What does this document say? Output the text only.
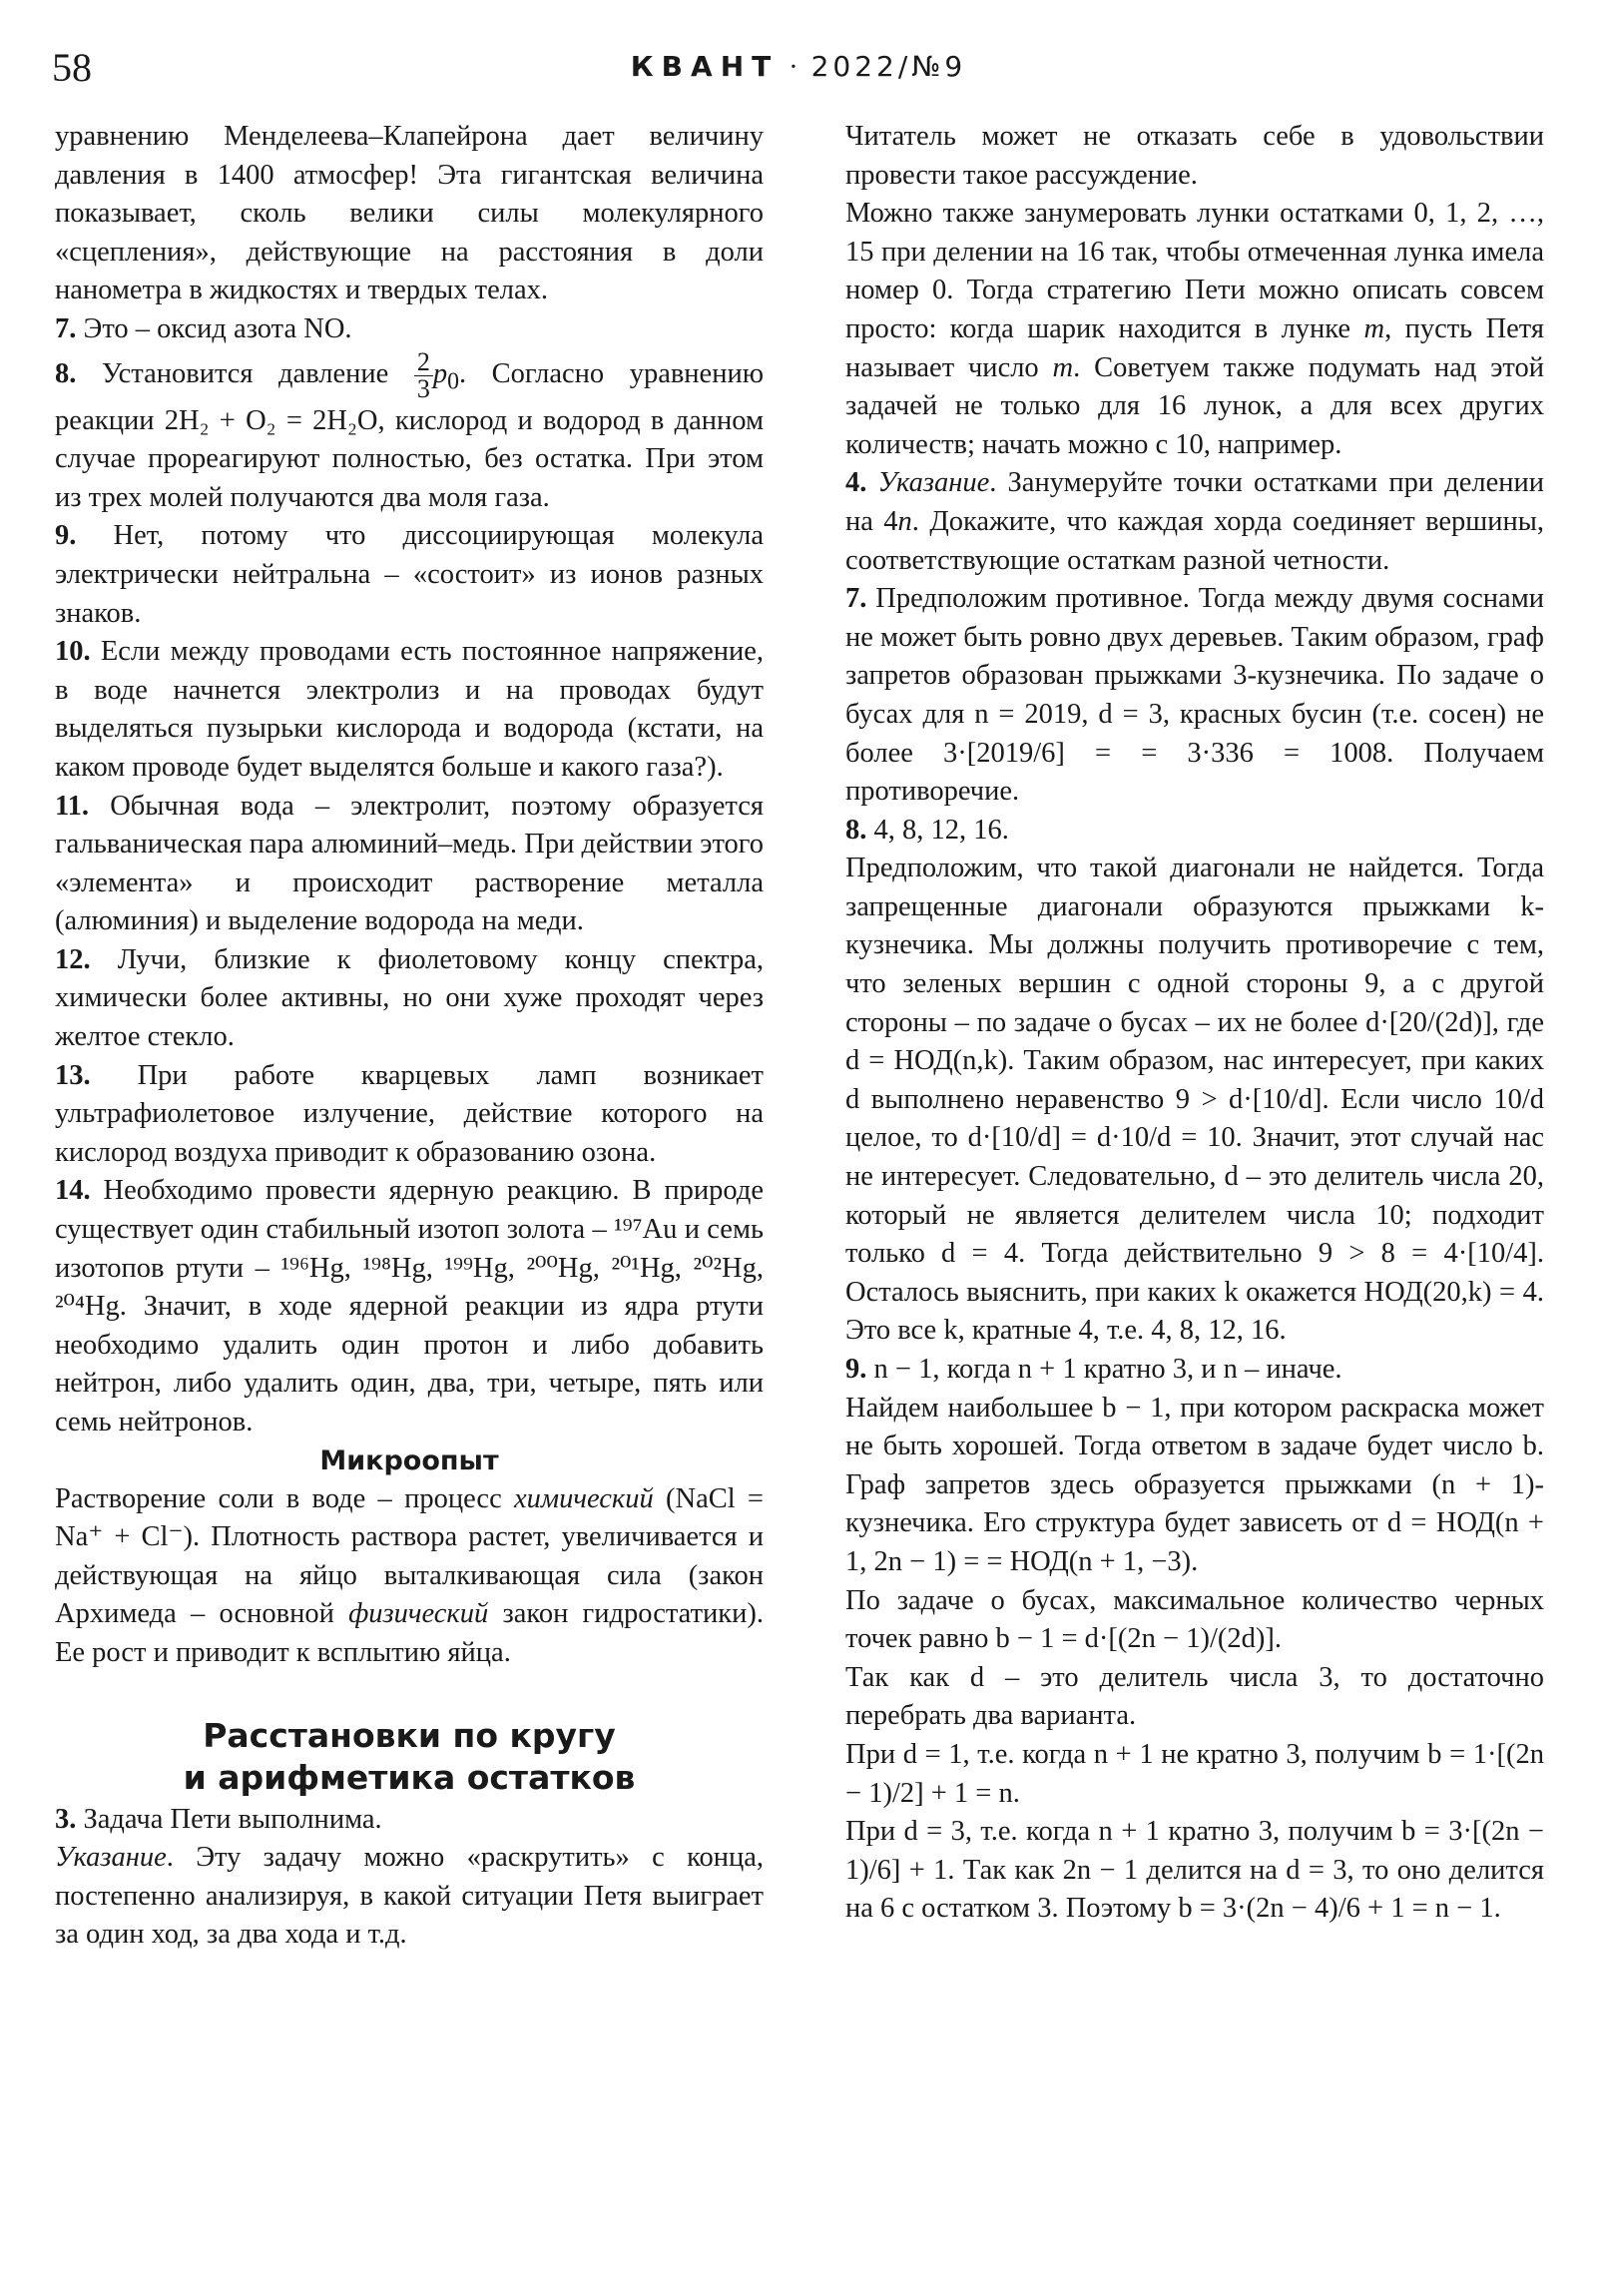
58	КВАНТ · 2022/№9

уравнению Менделеева–Клапейрона дает величину давления в 1400 атмосфер! Эта гигантская величина показывает, сколь велики силы молекулярного «сцепления», действующие на расстояния в доли нанометра в жидкостях и твердых телах.

7. Это – оксид азота NO.

8. Установится давление $\frac{2}{3} p_0$. Согласно уравнению реакции 2H₂ + O₂ = 2H₂O, кислород и водород в данном случае прореагируют полностью, без остатка. При этом из трех молей получаются два моля газа.

9. Нет, потому что диссоциирующая молекула электрически нейтральна – «состоит» из ионов разных знаков.

10. Если между проводами есть постоянное напряжение, в воде начнется электролиз и на проводах будут выделяться пузырьки кислорода и водорода (кстати, на каком проводе будет выделятся больше и какого газа?).

11. Обычная вода – электролит, поэтому образуется гальваническая пара алюминий–медь. При действии этого «элемента» и происходит растворение металла (алюминия) и выделение водорода на меди.

12. Лучи, близкие к фиолетовому концу спектра, химически более активны, но они хуже проходят через желтое стекло.

13. При работе кварцевых ламп возникает ультрафиолетовое излучение, действие которого на кислород воздуха приводит к образованию озона.

14. Необходимо провести ядерную реакцию. В природе существует один стабильный изотоп золота – ¹⁹⁷Au и семь изотопов ртути – ¹⁹⁶Hg, ¹⁹⁸Hg, ¹⁹⁹Hg, ²⁰⁰Hg, ²⁰¹Hg, ²⁰²Hg, ²⁰⁴Hg. Значит, в ходе ядерной реакции из ядра ртути необходимо удалить один протон и либо добавить нейтрон, либо удалить один, два, три, четыре, пять или семь нейтронов.

Микроопыт

Растворение соли в воде – процесс химический (NaCl = Na⁺ + Cl⁻). Плотность раствора растет, увеличивается и действующая на яйцо выталкивающая сила (закон Архимеда – основной физический закон гидростатики). Ее рост и приводит к всплытию яйца.

Расстановки по кругу
и арифметика остатков

3. Задача Пети выполнима.

Указание. Эту задачу можно «раскрутить» с конца, постепенно анализируя, в какой ситуации Петя выиграет за один ход, за два хода и т.д.

Читатель может не отказать себе в удовольствии провести такое рассуждение.

Можно также занумеровать лунки остатками 0, 1, 2, …, 15 при делении на 16 так, чтобы отмеченная лунка имела номер 0. Тогда стратегию Пети можно описать совсем просто: когда шарик находится в лунке m, пусть Петя называет число m. Советуем также подумать над этой задачей не только для 16 лунок, а для всех других количеств; начать можно с 10, например.

4. Указание. Занумеруйте точки остатками при делении на 4n. Докажите, что каждая хорда соединяет вершины, соответствующие остаткам разной четности.

7. Предположим противное. Тогда между двумя соснами не может быть ровно двух деревьев. Таким образом, граф запретов образован прыжками 3-кузнечика. По задаче о бусах для n = 2019, d = 3, красных бусин (т.е. сосен) не более 3·[2019/6] = = 3·336 = 1008. Получаем противоречие.

8. 4, 8, 12, 16.

Предположим, что такой диагонали не найдется. Тогда запрещенные диагонали образуются прыжками k-кузнечика. Мы должны получить противоречие с тем, что зеленых вершин с одной стороны 9, а с другой стороны – по задаче о бусах – их не более d·[20/(2d)], где d = НОД(n,k). Таким образом, нас интересует, при каких d выполнено неравенство 9 > d·[10/d]. Если число 10/d целое, то d·[10/d] = d·10/d = 10. Значит, этот случай нас не интересует. Следовательно, d – это делитель числа 20, который не является делителем числа 10; подходит только d = 4. Тогда действительно 9 > 8 = 4·[10/4]. Осталось выяснить, при каких k окажется НОД(20,k) = 4. Это все k, кратные 4, т.е. 4, 8, 12, 16.

9. n − 1, когда n + 1 кратно 3, и n – иначе.

Найдем наибольшее b − 1, при котором раскраска может не быть хорошей. Тогда ответом в задаче будет число b. Граф запретов здесь образуется прыжками (n + 1)-кузнечика. Его структура будет зависеть от d = НОД(n + 1, 2n − 1) = = НОД(n + 1, −3).

По задаче о бусах, максимальное количество черных точек равно b − 1 = d·[(2n − 1)/(2d)].

Так как d – это делитель числа 3, то достаточно перебрать два варианта.

При d = 1, т.е. когда n + 1 не кратно 3, получим b = 1·[(2n − 1)/2] + 1 = n.

При d = 3, т.е. когда n + 1 кратно 3, получим b = 3·[(2n − 1)/6] + 1. Так как 2n − 1 делится на d = 3, то оно делится на 6 с остатком 3. Поэтому b = 3·(2n − 4)/6 + 1 = n − 1.
